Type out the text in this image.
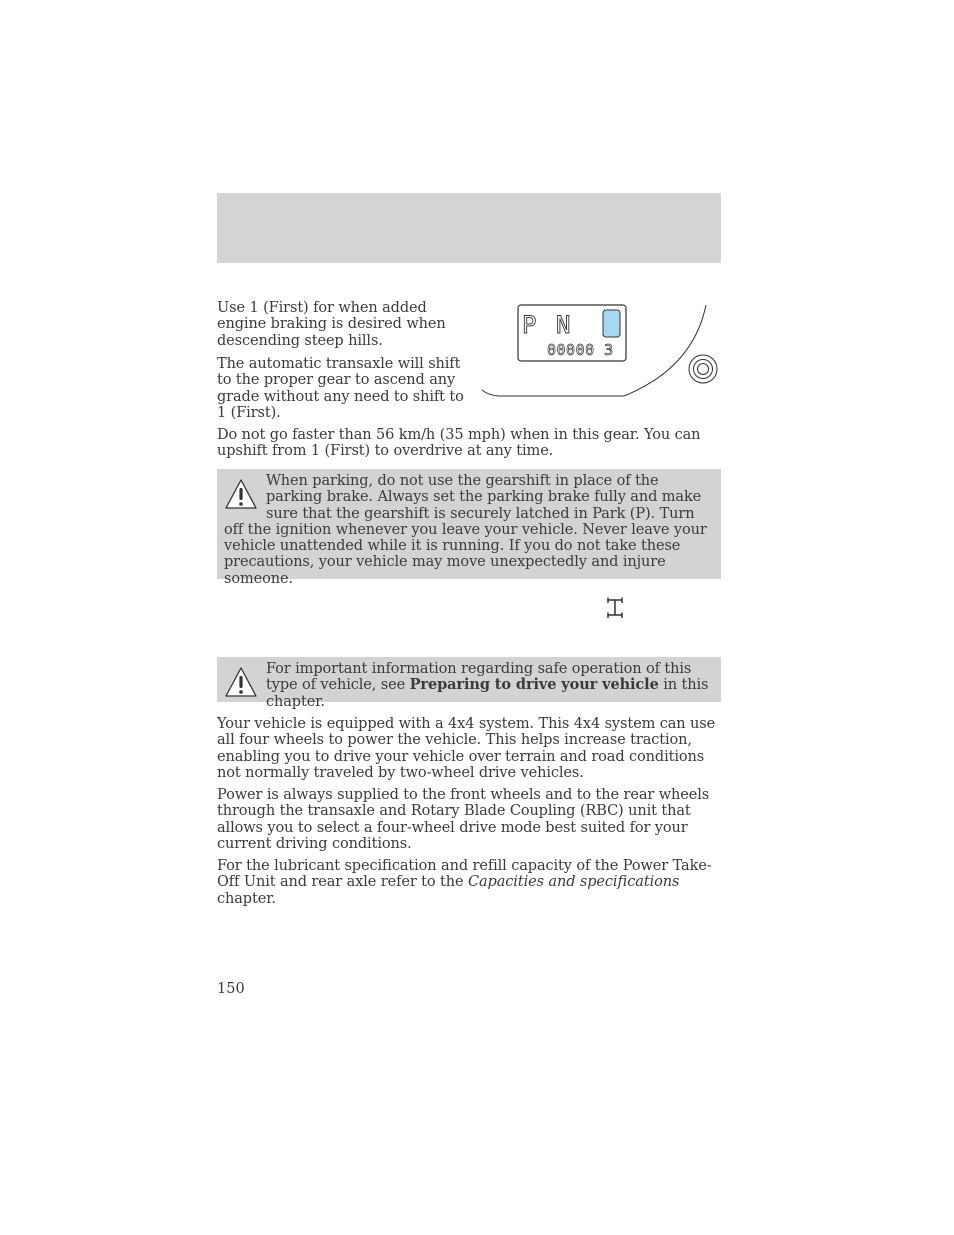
Use 1 (First) for when added engine braking is desired when descending steep hills.

The automatic transaxle will shift to the proper gear to ascend any grade without any need to shift to 1 (First).

P N
00000 3

Do not go faster than 56 km/h (35 mph) when in this gear. You can upshift from 1 (First) to overdrive at any time.

When parking, do not use the gearshift in place of the parking brake. Always set the parking brake fully and make sure that the gearshift is securely latched in Park (P). Turn off the ignition whenever you leave your vehicle. Never leave your vehicle unattended while it is running. If you do not take these precautions, your vehicle may move unexpectedly and injure someone.

For important information regarding safe operation of this type of vehicle, see Preparing to drive your vehicle in this chapter.

Your vehicle is equipped with a 4x4 system. This 4x4 system can use all four wheels to power the vehicle. This helps increase traction, enabling you to drive your vehicle over terrain and road conditions not normally traveled by two-wheel drive vehicles.

Power is always supplied to the front wheels and to the rear wheels through the transaxle and Rotary Blade Coupling (RBC) unit that allows you to select a four-wheel drive mode best suited for your current driving conditions.

For the lubricant specification and refill capacity of the Power Take-Off Unit and rear axle refer to the Capacities and specifications chapter.

150
